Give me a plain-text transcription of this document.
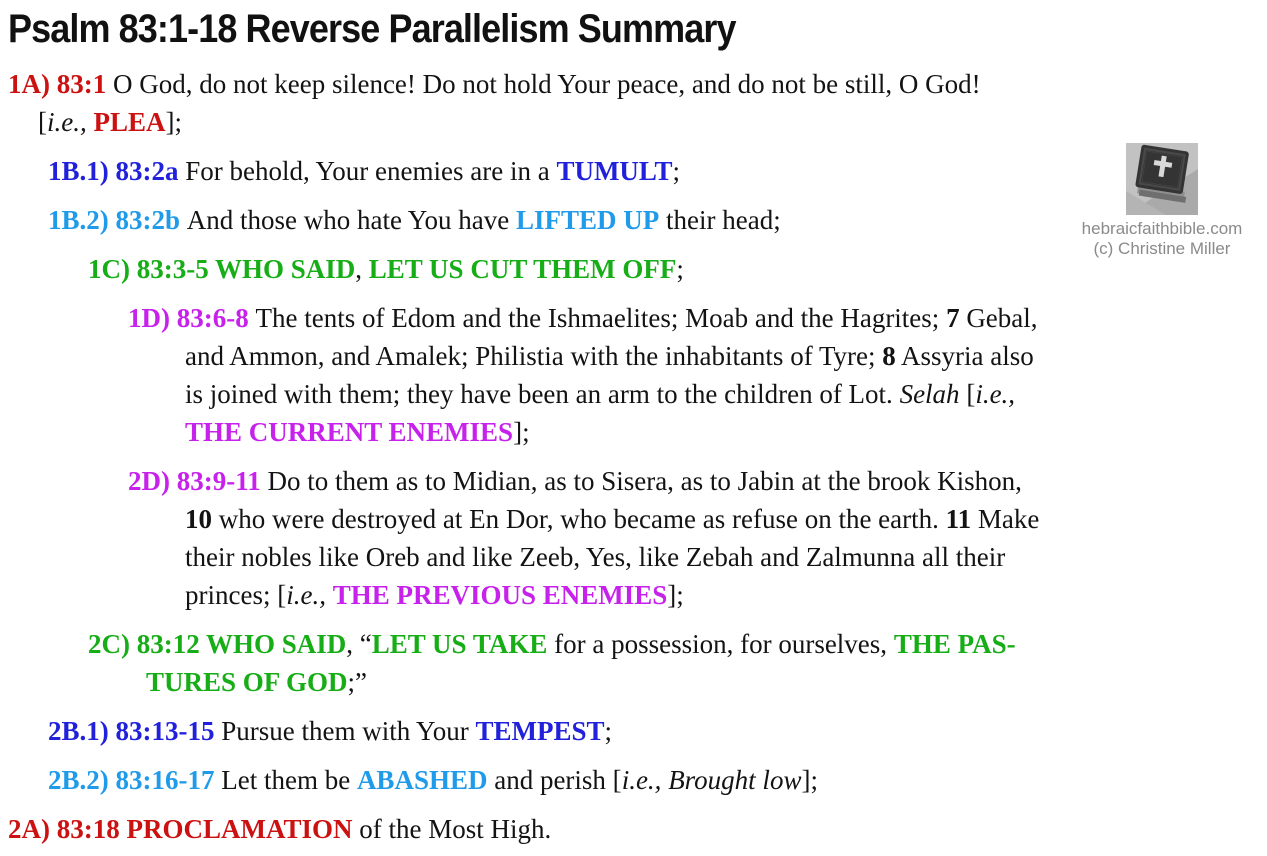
Psalm 83:1-18 Reverse Parallelism Summary
1A) 83:1 O God, do not keep silence! Do not hold Your peace, and do not be still, O God!
[i.e., PLEA];
1B.1) 83:2a For behold, Your enemies are in a TUMULT;
1B.2) 83:2b And those who hate You have LIFTED UP their head;
1C) 83:3-5 WHO SAID, LET US CUT THEM OFF;
1D) 83:6-8 The tents of Edom and the Ishmaelites; Moab and the Hagrites; 7 Gebal,
and Ammon, and Amalek; Philistia with the inhabitants of Tyre; 8 Assyria also
is joined with them; they have been an arm to the children of Lot. Selah [i.e.,
THE CURRENT ENEMIES];
2D) 83:9-11 Do to them as to Midian, as to Sisera, as to Jabin at the brook Kishon,
10 who were destroyed at En Dor, who became as refuse on the earth. 11 Make
their nobles like Oreb and like Zeeb, Yes, like Zebah and Zalmunna all their
princes; [i.e., THE PREVIOUS ENEMIES];
2C) 83:12 WHO SAID, “LET US TAKE for a possession, for ourselves, THE PAS-
TURES OF GOD;”
2B.1) 83:13-15 Pursue them with Your TEMPEST;
2B.2) 83:16-17 Let them be ABASHED and perish [i.e., Brought low];
2A) 83:18 PROCLAMATION of the Most High.
hebraicfaithbible.com
(c) Christine Miller
